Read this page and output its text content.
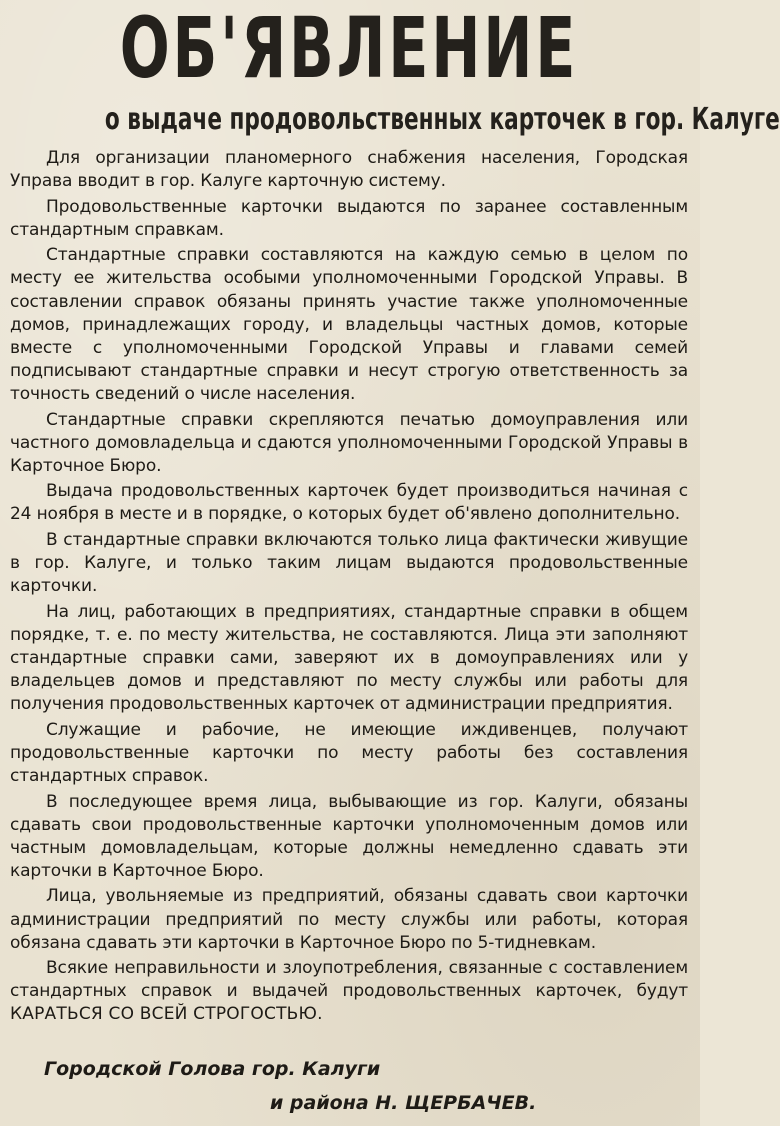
ОБ'ЯВЛЕНИЕ
о выдаче продовольственных карточек в гор. Калуге

Для организации планомерного снабжения населения, Городская Управа вводит в гор. Калуге карточную систему.

Продовольственные карточки выдаются по заранее составленным стандартным справкам.

Стандартные справки составляются на каждую семью в целом по месту ее жительства особыми уполномоченными Городской Управы. В составлении справок обязаны принять участие также уполномоченные домов, принадлежащих городу, и владельцы частных домов, которые вместе с уполномоченными Городской Управы и главами семей подписывают стандартные справки и несут строгую ответственность за точность сведений о числе населения.

Стандартные справки скрепляются печатью домоуправления или частного домовладельца и сдаются уполномоченными Городской Управы в Карточное Бюро.

Выдача продовольственных карточек будет производиться начиная с 24 ноября в месте и в порядке, о которых будет об'явлено дополнительно.

В стандартные справки включаются только лица фактически живущие в гор. Калуге, и только таким лицам выдаются продовольственные карточки.

На лиц, работающих в предприятиях, стандартные справки в общем порядке, т. е. по месту жительства, не составляются. Лица эти заполняют стандартные справки сами, заверяют их в домоуправлениях или у владельцев домов и представляют по месту службы или работы для получения продовольственных карточек от администрации предприятия.

Служащие и рабочие, не имеющие иждивенцев, получают продовольственные карточки по месту работы без составления стандартных справок.

В последующее время лица, выбывающие из гор. Калуги, обязаны сдавать свои продовольственные карточки уполномоченным домов или частным домовладельцам, которые должны немедленно сдавать эти карточки в Карточное Бюро.

Лица, увольняемые из предприятий, обязаны сдавать свои карточки администрации предприятий по месту службы или работы, которая обязана сдавать эти карточки в Карточное Бюро по 5-тидневкам.

Всякие неправильности и злоупотребления, связанные с составлением стандартных справок и выдачей продовольственных карточек, будут КАРАТЬСЯ СО ВСЕЙ СТРОГОСТЬЮ.

Городской Голова гор. Калуги
и района Н. ЩЕРБАЧЕВ.
